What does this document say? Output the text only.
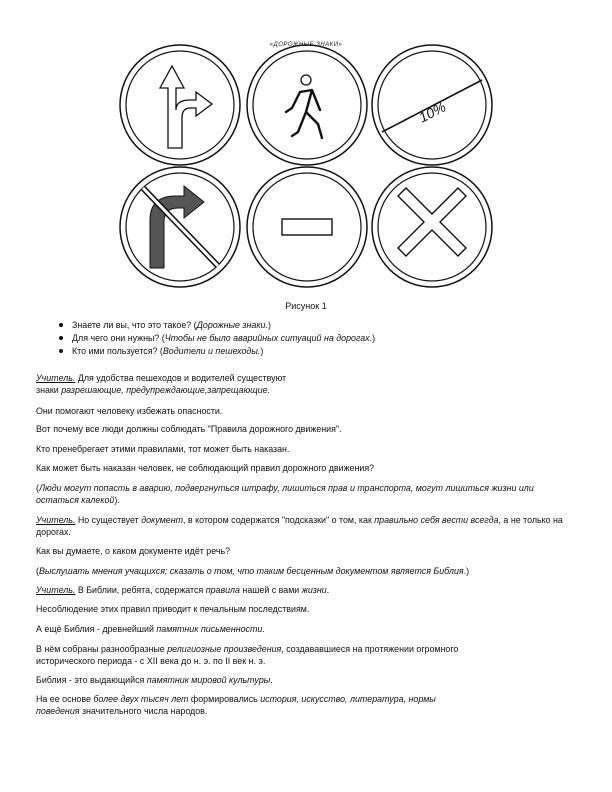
«ДОРОЖНЫЕ ЗНАКИ»
10%
Рисунок 1
Знаете ли вы, что это такое? (Дорожные знаки.)
Для чего они нужны? (Чтобы не было аварийных ситуаций на дорогах.)
Кто ими пользуется? (Водители и пешеходы.)

Учитель. Для удобства пешеходов и водителей существуют
знаки разрешающие, предупреждающие,запрещающие.

Они помогают человеку избежать опасности.

Вот почему все люди должны соблюдать "Правила дорожного движения".

Кто пренебрегает этими правилами, тот может быть наказан.

Как может быть наказан человек, не соблюдающий правил дорожного движения?

(Люди могут попасть в аварию, подвергнуться штрафу, лишиться прав и транспорта, могут лишиться жизни или остаться калекой).

Учитель. Но существует документ, в котором содержатся "подсказки" о том, как правильно себя вести всегда, а не только на дорогах.

Как вы думаете, о каком документе идёт речь?

(Выслушать мнения учащихся; сказать о том, что таким бесценным документом является Библия.)

Учитель. В Библии, ребята, содержатся правила нашей с вами жизни.

Несоблюдение этих правил приводит к печальным последствиям.

А ещё Библия - древнейший памятник письменности.

В нём собраны разнообразные религиозные произведения, создававшиеся на протяжении огромного
исторического периода - с XII века до н. э. по II век н. э.

Библия - это выдающийся памятник мировой культуры.

На ее основе более двух тысяч лет формировались история, искусство, литература, нормы
поведения значительного числа народов.
